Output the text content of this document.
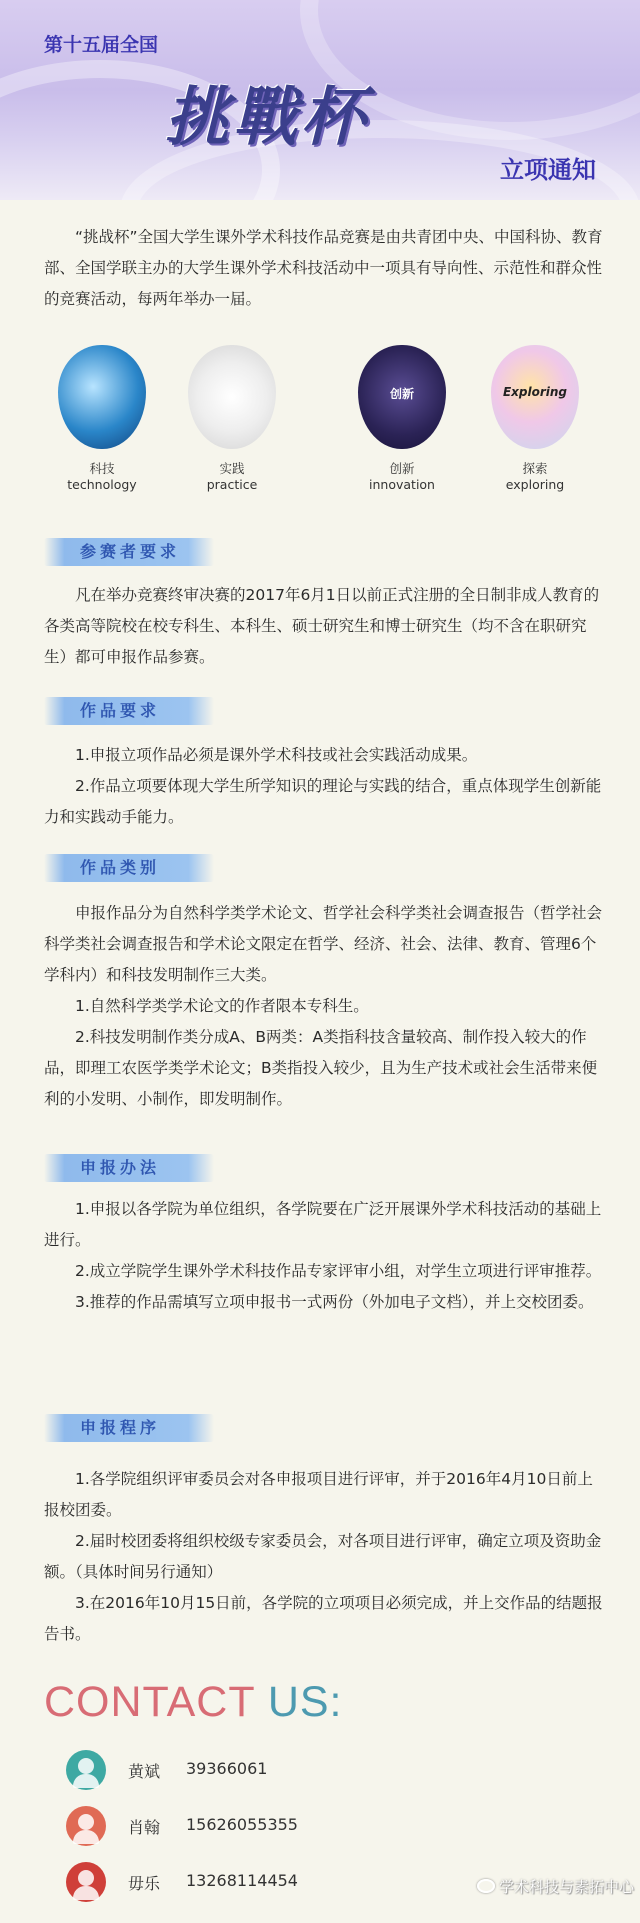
第十五届全国
挑戰杯
立项通知

“挑战杯”全国大学生课外学术科技作品竞赛是由共青团中央、中国科协、教育部、全国学联主办的大学生课外学术科技活动中一项具有导向性、示范性和群众性的竞赛活动，每两年举办一届。

科技
technology
实践
practice
创新
创新
innovation
Exploring
探索
exploring
参赛者要求

凡在举办竞赛终审决赛的2017年6月1日以前正式注册的全日制非成人教育的各类高等院校在校专科生、本科生、硕士研究生和博士研究生（均不含在职研究生）都可申报作品参赛。

作品要求

1.申报立项作品必须是课外学术科技或社会实践活动成果。

2.作品立项要体现大学生所学知识的理论与实践的结合，重点体现学生创新能力和实践动手能力。

作品类别

申报作品分为自然科学类学术论文、哲学社会科学类社会调查报告（哲学社会科学类社会调查报告和学术论文限定在哲学、经济、社会、法律、教育、管理6个学科内）和科技发明制作三大类。

1.自然科学类学术论文的作者限本专科生。

2.科技发明制作类分成A、B两类：A类指科技含量较高、制作投入较大的作品，即理工农医学类学术论文；B类指投入较少，且为生产技术或社会生活带来便利的小发明、小制作，即发明制作。

申报办法

1.申报以各学院为单位组织，各学院要在广泛开展课外学术科技活动的基础上进行。

2.成立学院学生课外学术科技作品专家评审小组，对学生立项进行评审推荐。

3.推荐的作品需填写立项申报书一式两份（外加电子文档），并上交校团委。

申报程序

1.各学院组织评审委员会对各申报项目进行评审，并于2016年4月10日前上报校团委。

2.届时校团委将组织校级专家委员会，对各项目进行评审，确定立项及资助金额。（具体时间另行通知）

3.在2016年10月15日前，各学院的立项项目必须完成，并上交作品的结题报告书。

CONTACT US:
黄斌	39366061
肖翰	15626055355
毋乐	13268114454	学术科技与素拓中心
